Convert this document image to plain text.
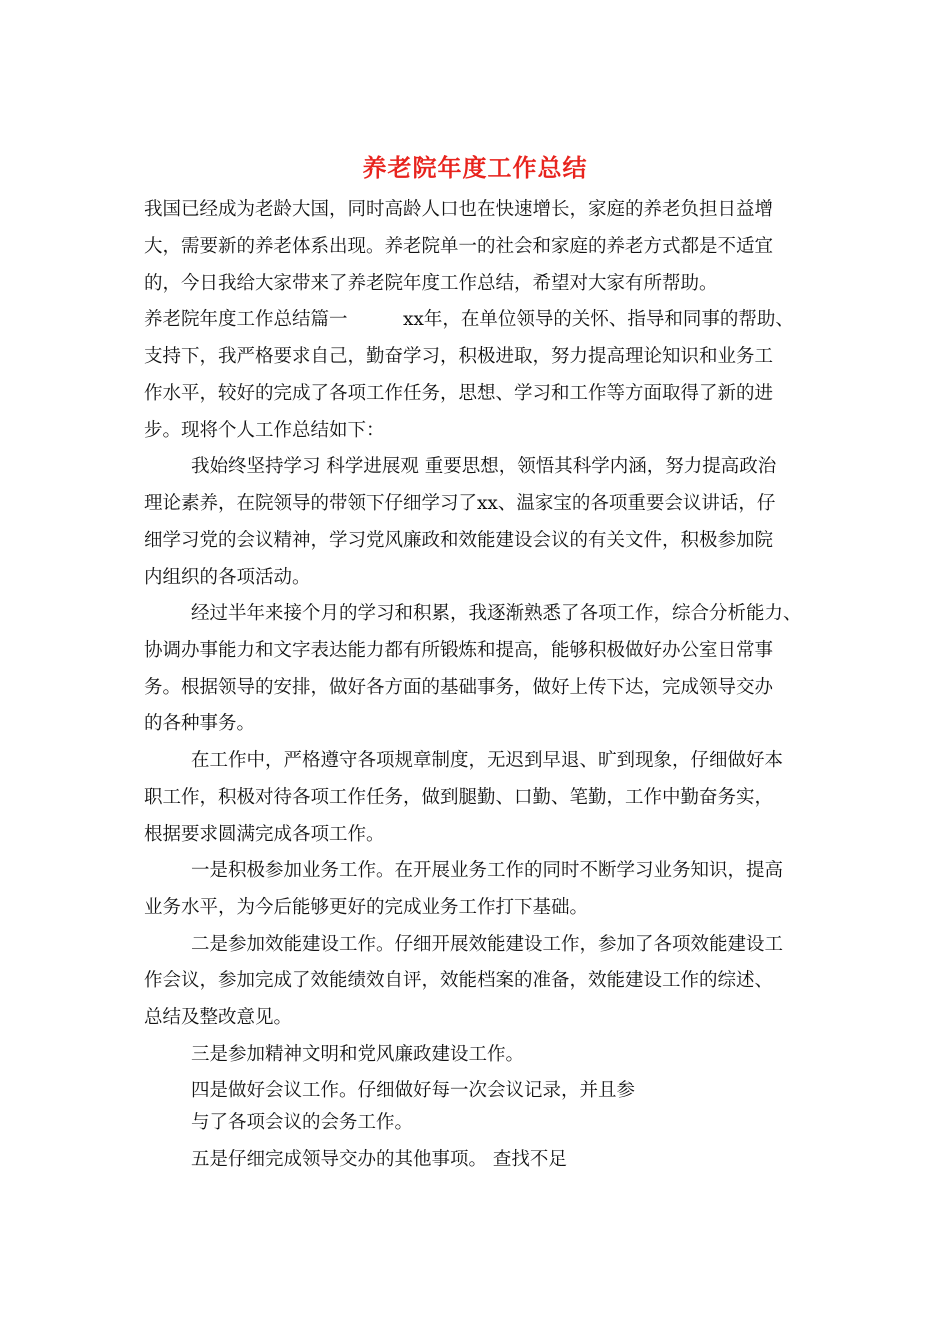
养老院年度工作总结

我国已经成为老龄大国，同时高龄人口也在快速增长，家庭的养老负担日益增

大，需要新的养老体系出现。养老院单一的社会和家庭的养老方式都是不适宜

的，今日我给大家带来了养老院年度工作总结，希望对大家有所帮助。

养老院年度工作总结篇一　　　xx年，在单位领导的关怀、指导和同事的帮助、

支持下，我严格要求自己，勤奋学习，积极进取，努力提高理论知识和业务工

作水平，较好的完成了各项工作任务，思想、学习和工作等方面取得了新的进

步。现将个人工作总结如下：

我始终坚持学习 科学进展观 重要思想，领悟其科学内涵，努力提高政治

理论素养，在院领导的带领下仔细学习了xx、温家宝的各项重要会议讲话，仔

细学习党的会议精神，学习党风廉政和效能建设会议的有关文件，积极参加院

内组织的各项活动。

经过半年来接个月的学习和积累，我逐渐熟悉了各项工作，综合分析能力、

协调办事能力和文字表达能力都有所锻炼和提高，能够积极做好办公室日常事

务。根据领导的安排，做好各方面的基础事务，做好上传下达，完成领导交办

的各种事务。

在工作中，严格遵守各项规章制度，无迟到早退、旷到现象，仔细做好本

职工作，积极对待各项工作任务，做到腿勤、口勤、笔勤，工作中勤奋务实，

根据要求圆满完成各项工作。

一是积极参加业务工作。在开展业务工作的同时不断学习业务知识，提高

业务水平，为今后能够更好的完成业务工作打下基础。

二是参加效能建设工作。仔细开展效能建设工作，参加了各项效能建设工

作会议，参加完成了效能绩效自评，效能档案的准备，效能建设工作的综述、

总结及整改意见。

三是参加精神文明和党风廉政建设工作。

四是做好会议工作。仔细做好每一次会议记录，并且参

与了各项会议的会务工作。

五是仔细完成领导交办的其他事项。 查找不足
